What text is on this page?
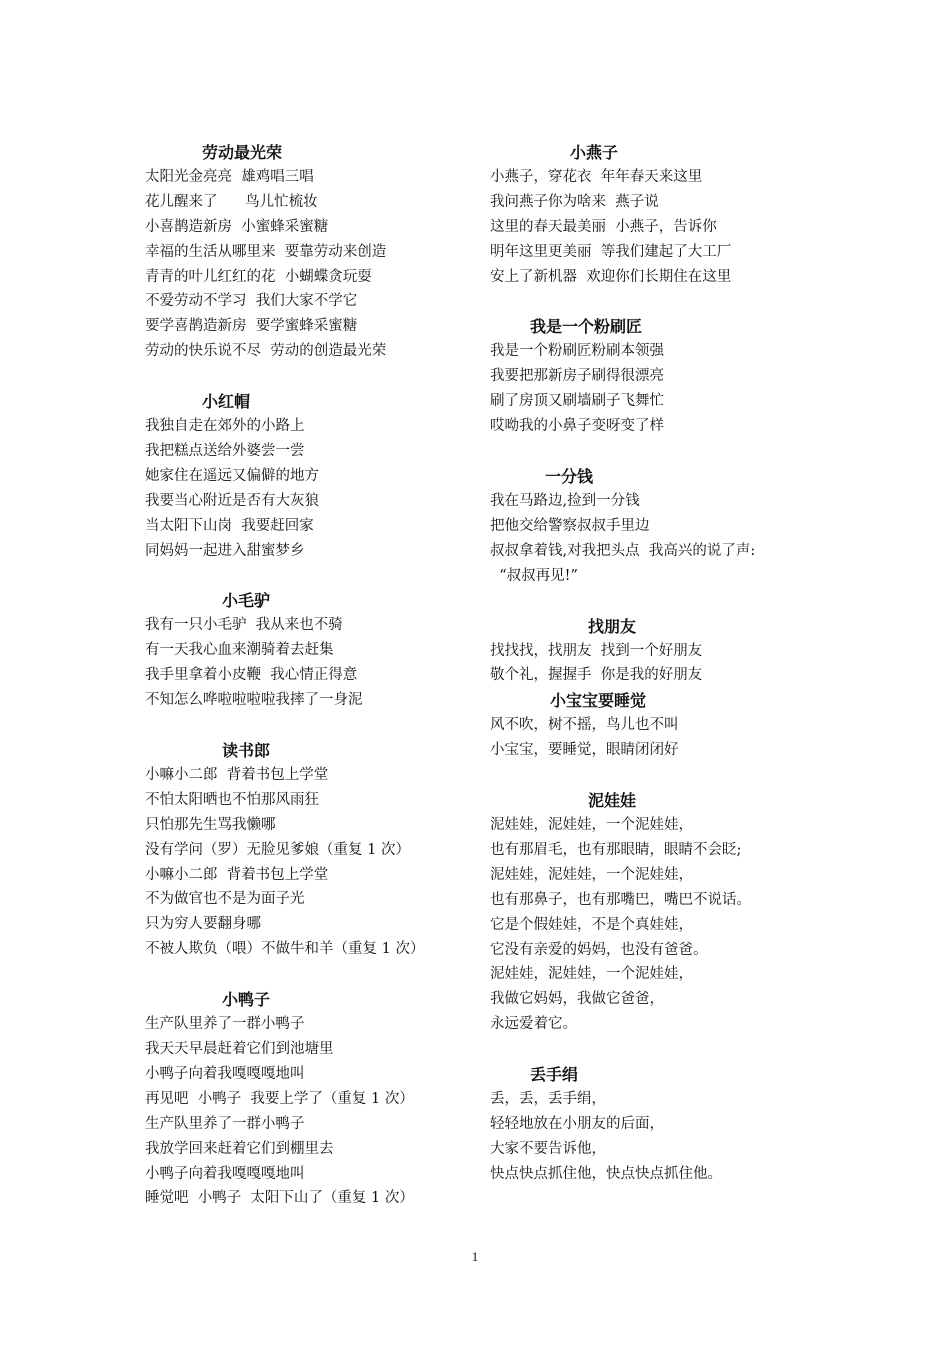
劳动最光荣
太阳光金亮亮  雄鸡唱三唱
花儿醒来了      鸟儿忙梳妆
小喜鹊造新房  小蜜蜂采蜜糖
幸福的生活从哪里来  要靠劳动来创造
青青的叶儿红红的花  小蝴蝶贪玩耍
不爱劳动不学习  我们大家不学它
要学喜鹊造新房  要学蜜蜂采蜜糖
劳动的快乐说不尽  劳动的创造最光荣
小红帽
我独自走在郊外的小路上
我把糕点送给外婆尝一尝
她家住在遥远又偏僻的地方
我要当心附近是否有大灰狼
当太阳下山岗  我要赶回家
同妈妈一起进入甜蜜梦乡
小毛驴
我有一只小毛驴  我从来也不骑
有一天我心血来潮骑着去赶集
我手里拿着小皮鞭  我心情正得意
不知怎么哗啦啦啦啦我摔了一身泥
读书郎
小嘛小二郎  背着书包上学堂
不怕太阳晒也不怕那风雨狂
只怕那先生骂我懒哪
没有学问（罗）无脸见爹娘（重复 1 次）
小嘛小二郎  背着书包上学堂
不为做官也不是为面子光
只为穷人要翻身哪
不被人欺负（喂）不做牛和羊（重复 1 次）
小鸭子
生产队里养了一群小鸭子
我天天早晨赶着它们到池塘里
小鸭子向着我嘎嘎嘎地叫
再见吧  小鸭子  我要上学了（重复 1 次）
生产队里养了一群小鸭子
我放学回来赶着它们到棚里去
小鸭子向着我嘎嘎嘎地叫
睡觉吧  小鸭子  太阳下山了（重复 1 次）
小燕子
小燕子，穿花衣  年年春天来这里
我问燕子你为啥来  燕子说
这里的春天最美丽  小燕子，告诉你
明年这里更美丽  等我们建起了大工厂
安上了新机器  欢迎你们长期住在这里
我是一个粉刷匠
我是一个粉刷匠粉刷本领强
我要把那新房子刷得很漂亮
刷了房顶又刷墙刷子飞舞忙
哎呦我的小鼻子变呀变了样
一分钱
我在马路边,捡到一分钱
把他交给警察叔叔手里边
叔叔拿着钱,对我把头点  我高兴的说了声:
“叔叔再见!”
找朋友
找找找，找朋友  找到一个好朋友
敬个礼，握握手  你是我的好朋友
小宝宝要睡觉
风不吹，树不摇，鸟儿也不叫
小宝宝，要睡觉，眼睛闭闭好
泥娃娃
泥娃娃，泥娃娃，一个泥娃娃，
也有那眉毛，也有那眼睛，眼睛不会眨;
泥娃娃，泥娃娃，一个泥娃娃，
也有那鼻子，也有那嘴巴，嘴巴不说话。
它是个假娃娃，不是个真娃娃，
它没有亲爱的妈妈，也没有爸爸。
泥娃娃，泥娃娃，一个泥娃娃，
我做它妈妈，我做它爸爸，
永远爱着它。
丢手绢
丢，丢，丢手绢，
轻轻地放在小朋友的后面，
大家不要告诉他，
快点快点抓住他，快点快点抓住他。
1
